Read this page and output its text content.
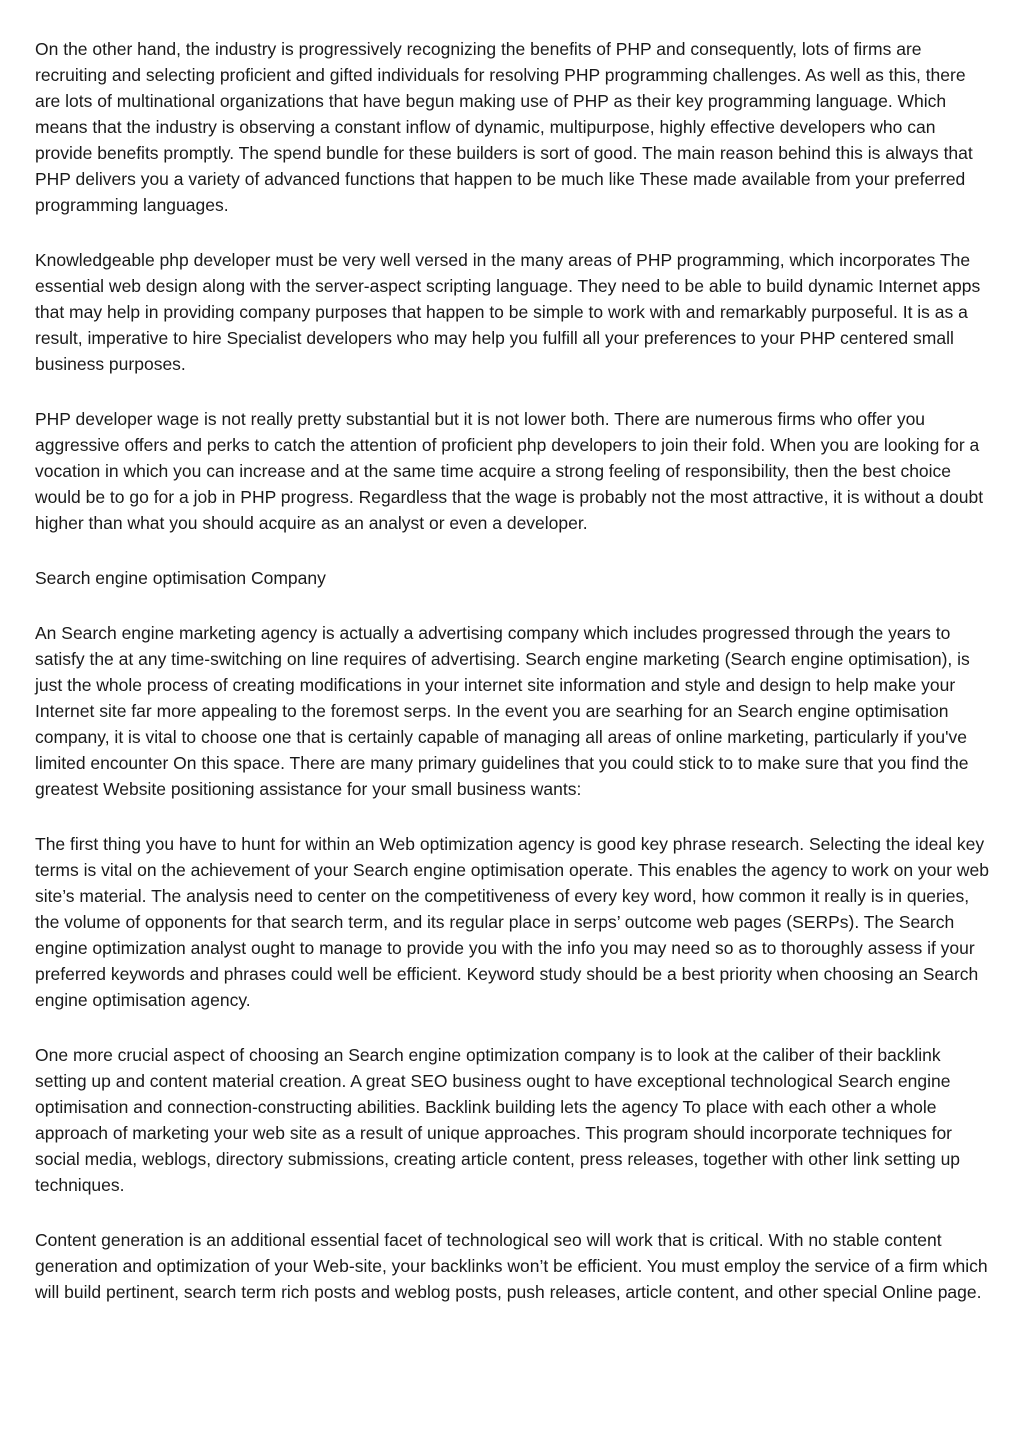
On the other hand, the industry is progressively recognizing the benefits of PHP and consequently, lots of firms are recruiting and selecting proficient and gifted individuals for resolving PHP programming challenges. As well as this, there are lots of multinational organizations that have begun making use of PHP as their key programming language. Which means that the industry is observing a constant inflow of dynamic, multipurpose, highly effective developers who can provide benefits promptly. The spend bundle for these builders is sort of good. The main reason behind this is always that PHP delivers you a variety of advanced functions that happen to be much like These made available from your preferred programming languages.

Knowledgeable php developer must be very well versed in the many areas of PHP programming, which incorporates The essential web design along with the server-aspect scripting language. They need to be able to build dynamic Internet apps that may help in providing company purposes that happen to be simple to work with and remarkably purposeful. It is as a result, imperative to hire Specialist developers who may help you fulfill all your preferences to your PHP centered small business purposes.

PHP developer wage is not really pretty substantial but it is not lower both. There are numerous firms who offer you aggressive offers and perks to catch the attention of proficient php developers to join their fold. When you are looking for a vocation in which you can increase and at the same time acquire a strong feeling of responsibility, then the best choice would be to go for a job in PHP progress. Regardless that the wage is probably not the most attractive, it is without a doubt higher than what you should acquire as an analyst or even a developer.

Search engine optimisation Company

An Search engine marketing agency is actually a advertising company which includes progressed through the years to satisfy the at any time-switching on line requires of advertising. Search engine marketing (Search engine optimisation), is just the whole process of creating modifications in your internet site information and style and design to help make your Internet site far more appealing to the foremost serps. In the event you are searhing for an Search engine optimisation company, it is vital to choose one that is certainly capable of managing all areas of online marketing, particularly if you've limited encounter On this space. There are many primary guidelines that you could stick to to make sure that you find the greatest Website positioning assistance for your small business wants:

The first thing you have to hunt for within an Web optimization agency is good key phrase research. Selecting the ideal key terms is vital on the achievement of your Search engine optimisation operate. This enables the agency to work on your web site’s material. The analysis need to center on the competitiveness of every key word, how common it really is in queries, the volume of opponents for that search term, and its regular place in serps’ outcome web pages (SERPs). The Search engine optimization analyst ought to manage to provide you with the info you may need so as to thoroughly assess if your preferred keywords and phrases could well be efficient. Keyword study should be a best priority when choosing an Search engine optimisation agency.

One more crucial aspect of choosing an Search engine optimization company is to look at the caliber of their backlink setting up and content material creation. A great SEO business ought to have exceptional technological Search engine optimisation and connection-constructing abilities. Backlink building lets the agency To place with each other a whole approach of marketing your web site as a result of unique approaches. This program should incorporate techniques for social media, weblogs, directory submissions, creating article content, press releases, together with other link setting up techniques.

Content generation is an additional essential facet of technological seo will work that is critical. With no stable content generation and optimization of your Web-site, your backlinks won’t be efficient. You must employ the service of a firm which will build pertinent, search term rich posts and weblog posts, push releases, article content, and other special Online page.
